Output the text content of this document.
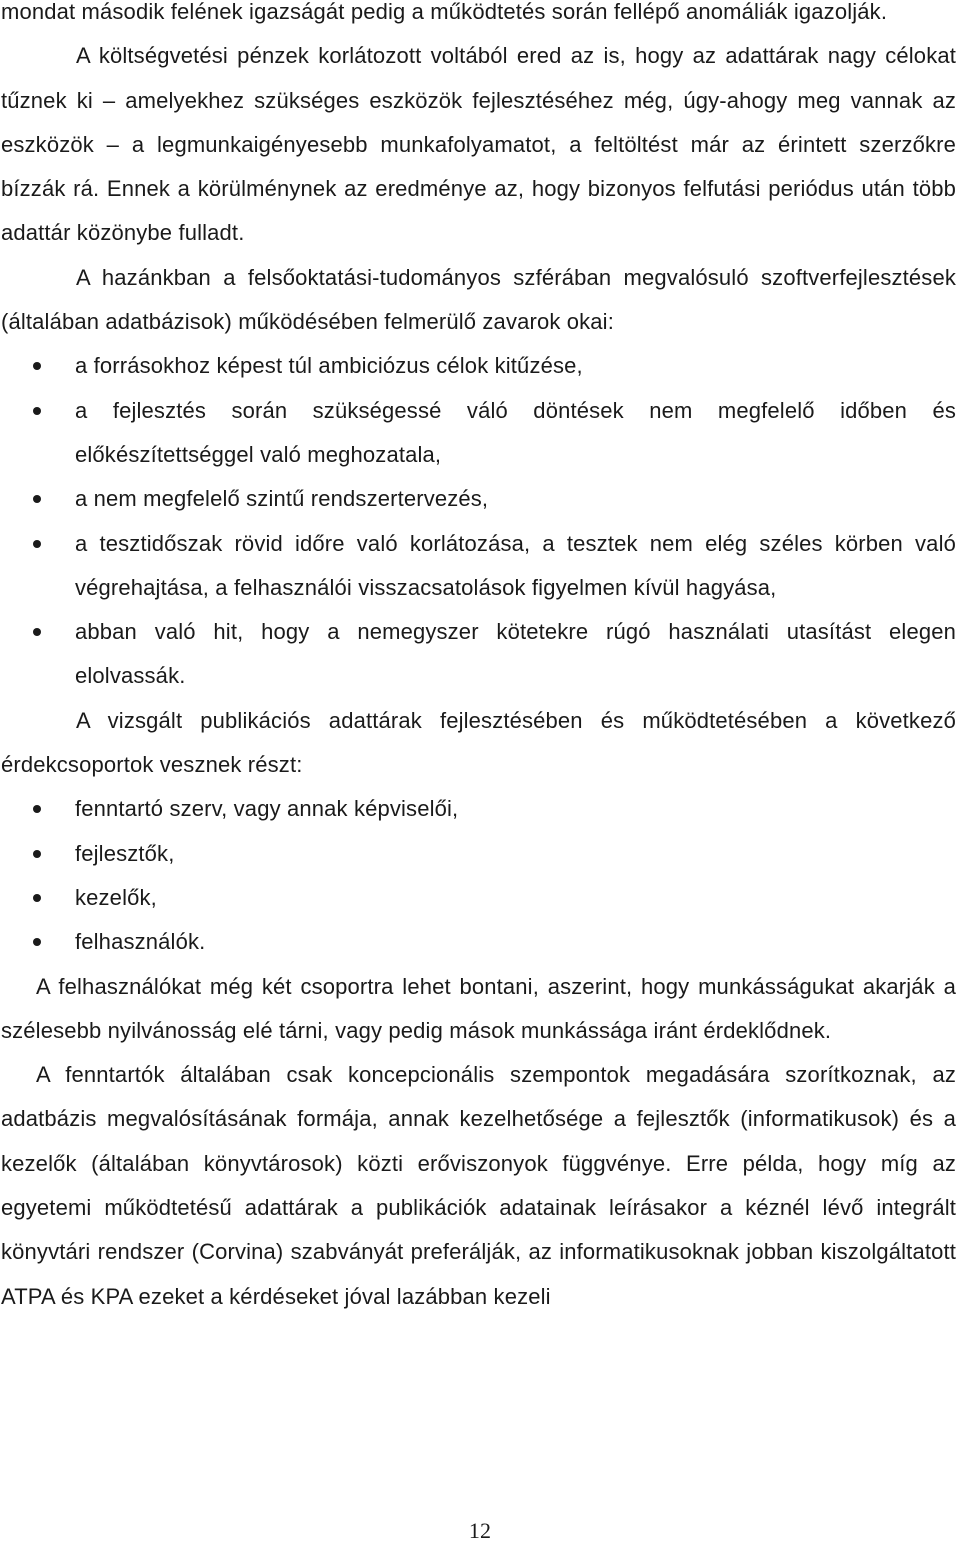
mondat második felének igazságát pedig a működtetés során fellépő anomáliák igazolják.

A költségvetési pénzek korlátozott voltából ered az is, hogy az adattárak nagy célokat tűznek ki – amelyekhez szükséges eszközök fejlesztéséhez még, úgy-ahogy meg vannak az eszközök – a legmunkaigényesebb munkafolyamatot, a feltöltést már az érintett szerzőkre bízzák rá. Ennek a körülménynek az eredménye az, hogy bizonyos felfutási periódus után több adattár közönybe fulladt.

A hazánkban a felsőoktatási-tudományos szférában megvalósuló szoftverfejlesztések (általában adatbázisok) működésében felmerülő zavarok okai:

a forrásokhoz képest túl ambiciózus célok kitűzése,
a fejlesztés során szükségessé váló döntések nem megfelelő időben és előkészítettséggel való meghozatala,
a nem megfelelő szintű rendszertervezés,
a tesztidőszak rövid időre való korlátozása, a tesztek nem elég széles körben való végrehajtása, a felhasználói visszacsatolások figyelmen kívül hagyása,
abban való hit, hogy a nemegyszer kötetekre rúgó használati utasítást elegen elolvassák.

A vizsgált publikációs adattárak fejlesztésében és működtetésében a következő érdekcsoportok vesznek részt:

fenntartó szerv, vagy annak képviselői,
fejlesztők,
kezelők,
felhasználók.

A felhasználókat még két csoportra lehet bontani, aszerint, hogy munkásságukat akarják a szélesebb nyilvánosság elé tárni, vagy pedig mások munkássága iránt érdeklődnek.

A fenntartók általában csak koncepcionális szempontok megadására szorítkoznak, az adatbázis megvalósításának formája, annak kezelhetősége a fejlesztők (informatikusok) és a kezelők (általában könyvtárosok) közti erőviszonyok függvénye. Erre példa, hogy míg az egyetemi működtetésű adattárak a publikációk adatainak leírásakor a kéznél lévő integrált könyvtári rendszer (Corvina) szabványát preferálják, az informatikusoknak jobban kiszolgáltatott ATPA és KPA ezeket a kérdéseket jóval lazábban kezeli

12
